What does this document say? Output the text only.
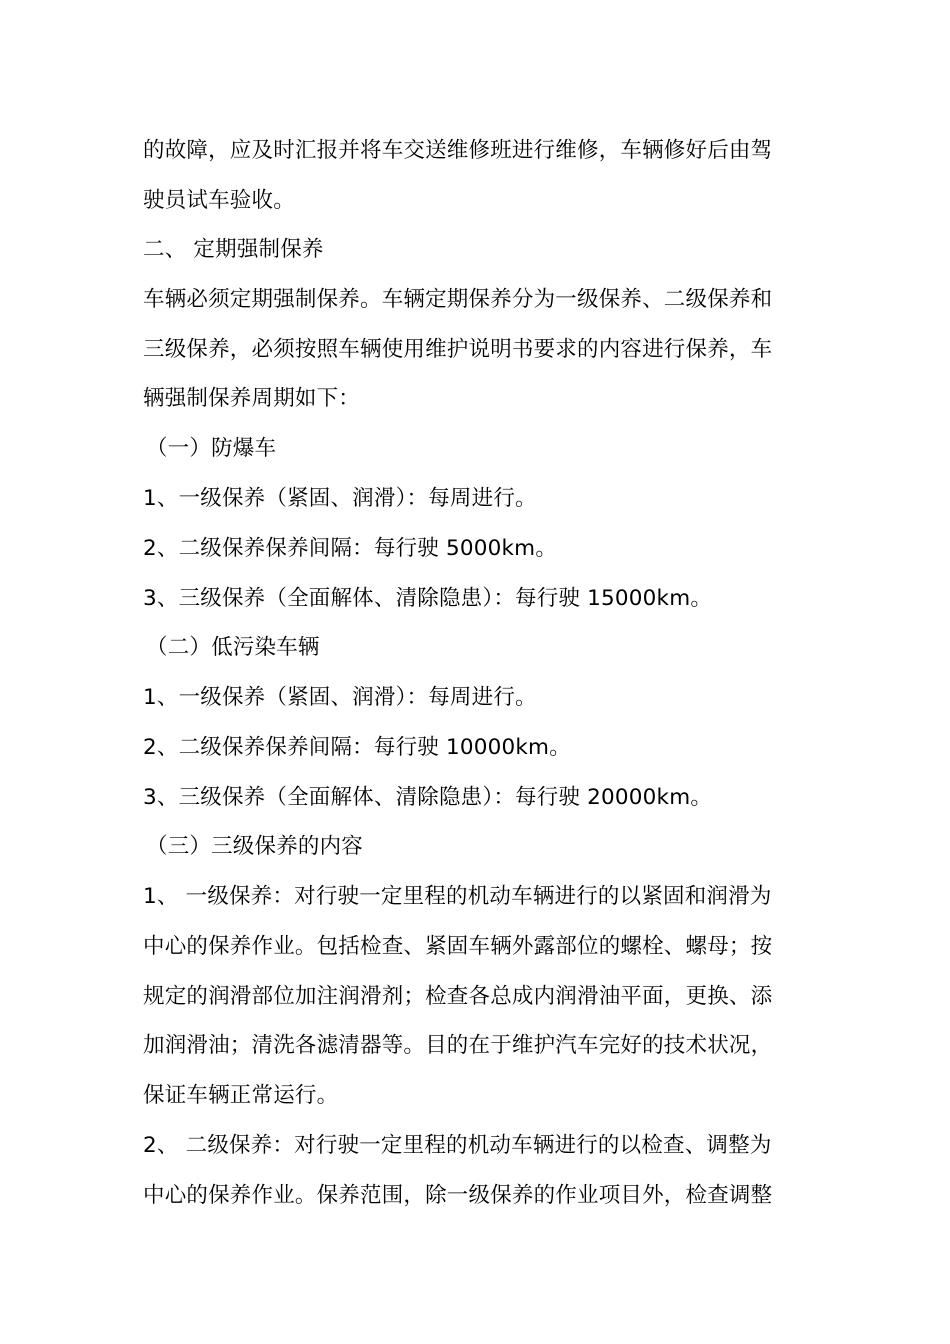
的故障，应及时汇报并将车交送维修班进行维修，车辆修好后由驾
驶员试车验收。
二、 定期强制保养
车辆必须定期强制保养。车辆定期保养分为一级保养、二级保养和
三级保养，必须按照车辆使用维护说明书要求的内容进行保养，车
辆强制保养周期如下：
（一）防爆车
1、一级保养（紧固、润滑）：每周进行。
2、二级保养保养间隔：每行驶 5000km。
3、三级保养（全面解体、清除隐患）：每行驶 15000km。
（二）低污染车辆
1、一级保养（紧固、润滑）：每周进行。
2、二级保养保养间隔：每行驶 10000km。
3、三级保养（全面解体、清除隐患）：每行驶 20000km。
（三）三级保养的内容
1、 一级保养：对行驶一定里程的机动车辆进行的以紧固和润滑为
中心的保养作业。包括检查、紧固车辆外露部位的螺栓、螺母；按
规定的润滑部位加注润滑剂；检查各总成内润滑油平面，更换、添
加润滑油；清洗各滤清器等。目的在于维护汽车完好的技术状况，
保证车辆正常运行。
2、 二级保养：对行驶一定里程的机动车辆进行的以检查、调整为
中心的保养作业。保养范围，除一级保养的作业项目外，检查调整
